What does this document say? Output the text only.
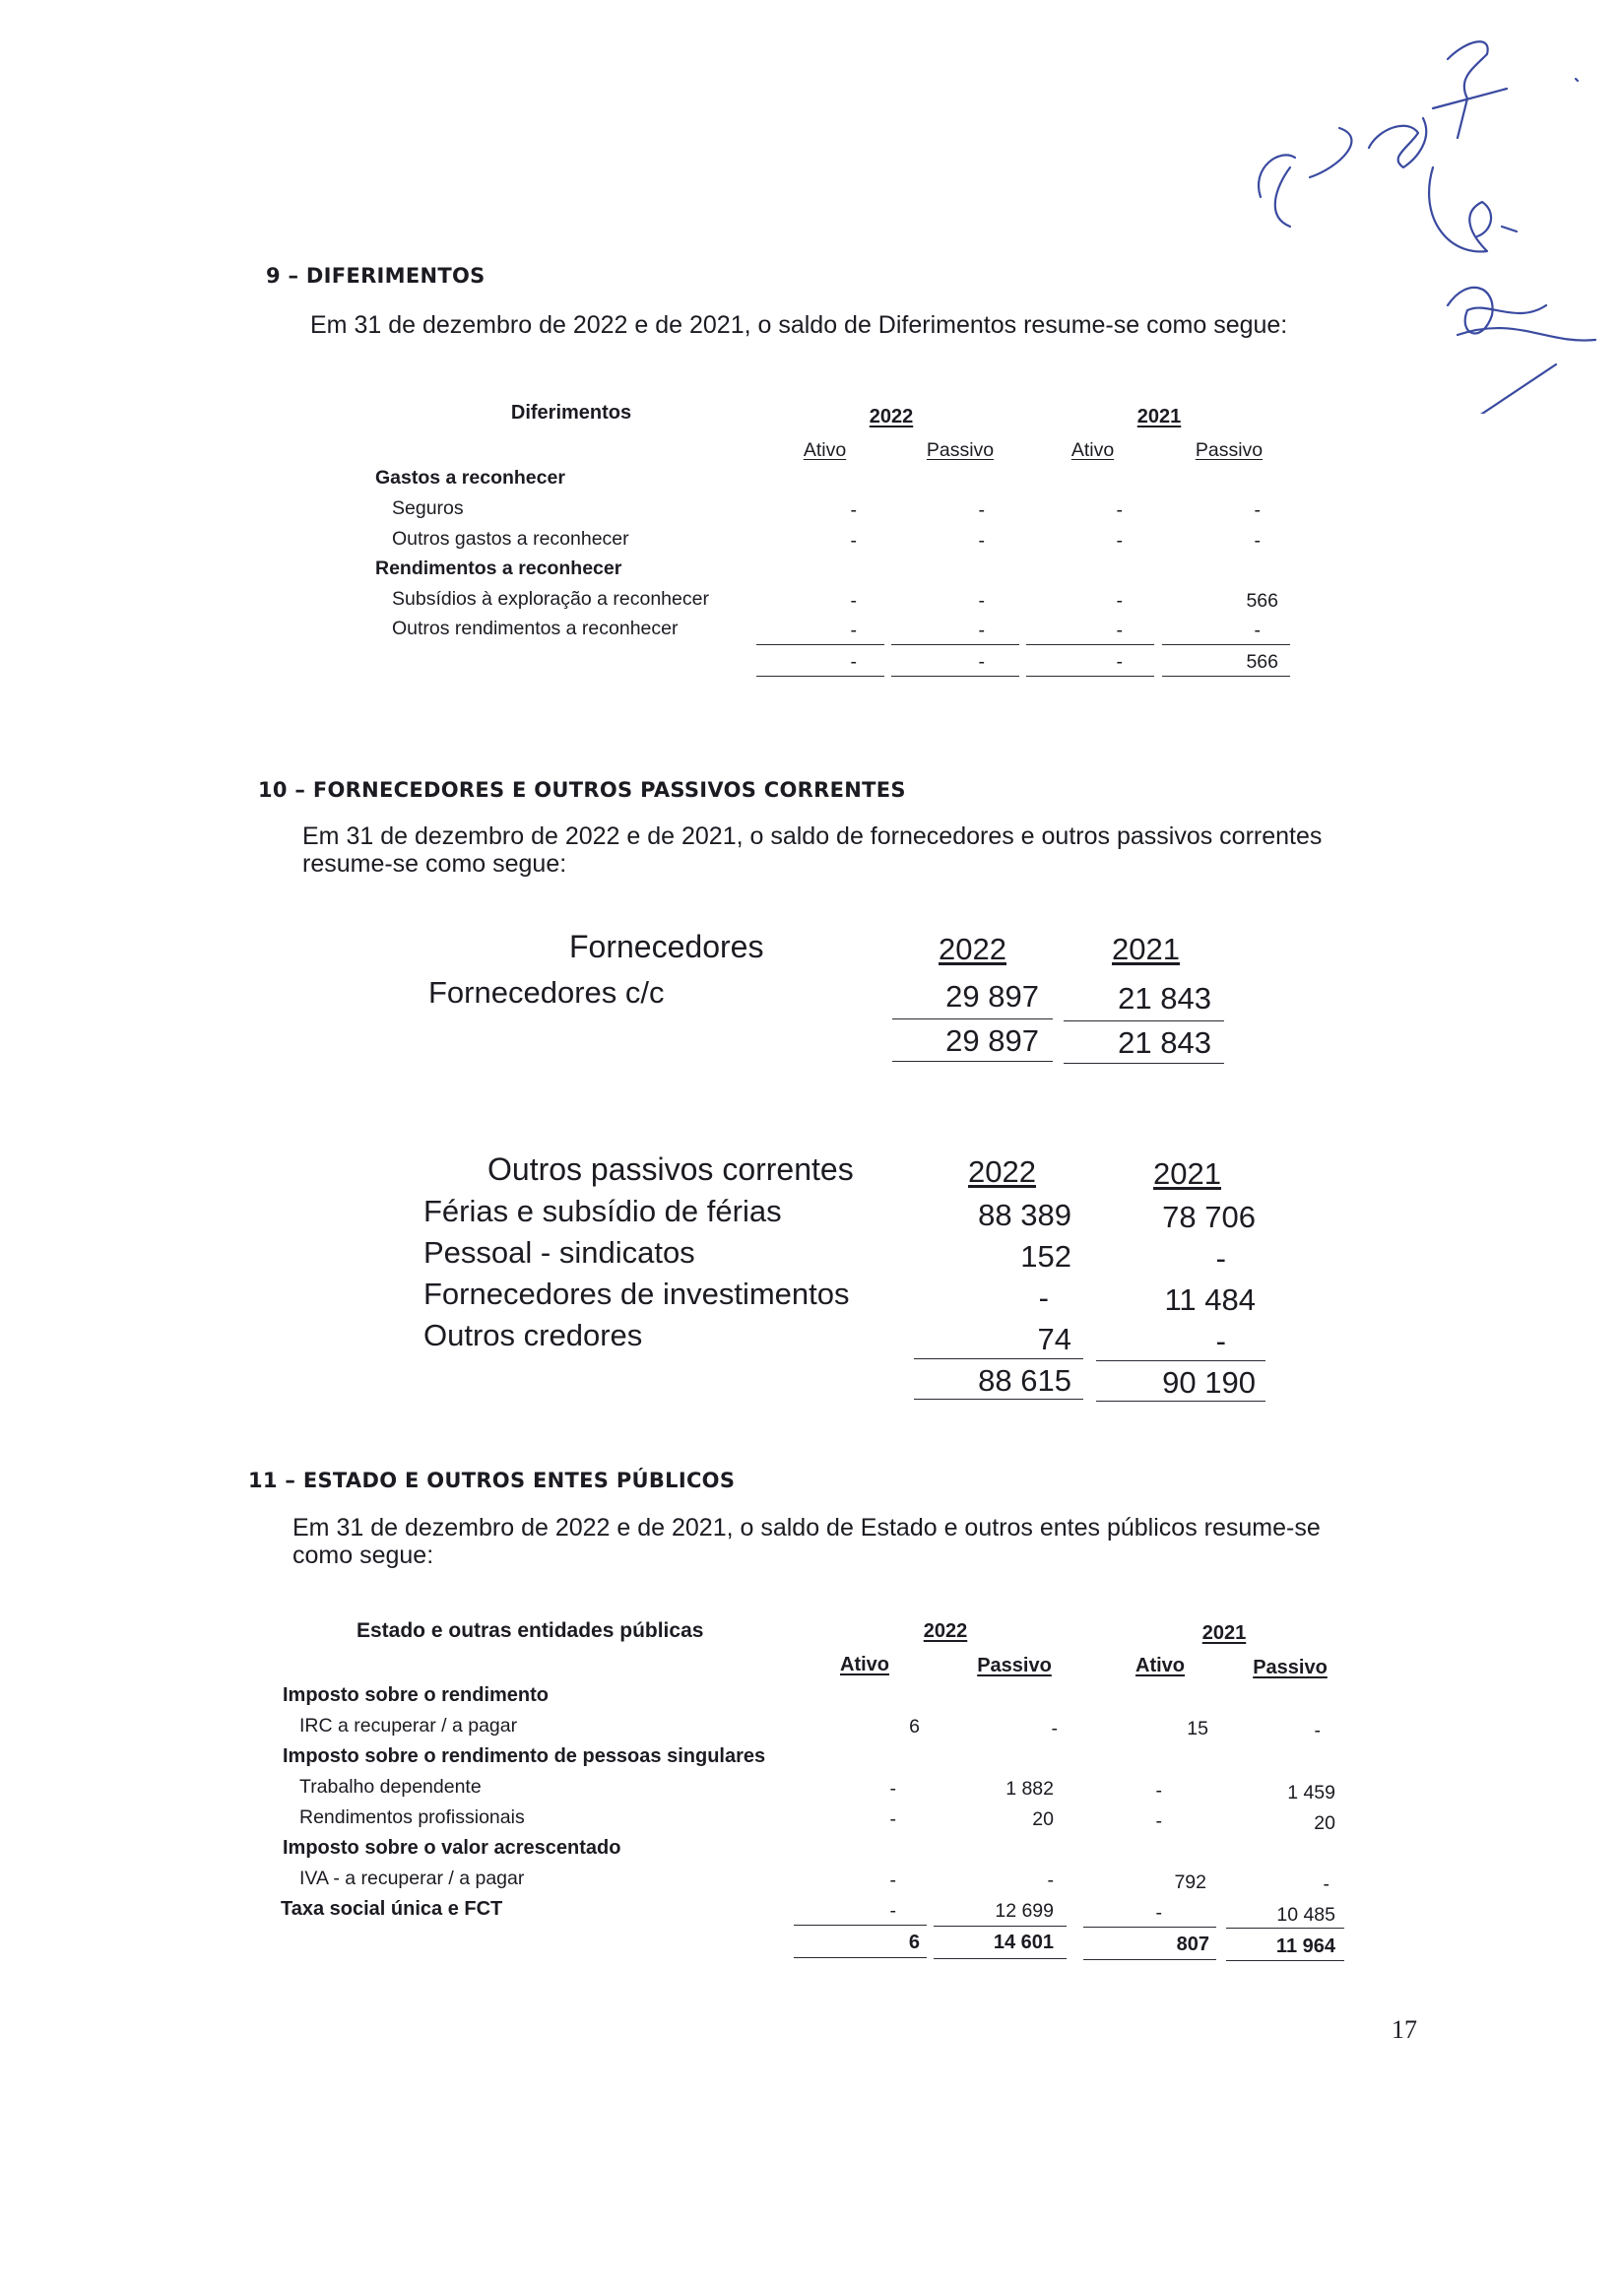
9 – DIFERIMENTOS
Em 31 de dezembro de 2022 e de 2021, o saldo de Diferimentos resume-se como segue:
Diferimentos	2022	2021
Ativo	Passivo	Ativo	Passivo
Gastos a reconhecer
Seguros	-	-	-	-
Outros gastos a reconhecer	-	-	-	-
Rendimentos a reconhecer
Subsídios à exploração a reconhecer	-	-	-	566
Outros rendimentos a reconhecer	-	-	-	-
-	-	-	566
10 – FORNECEDORES E OUTROS PASSIVOS CORRENTES
Em 31 de dezembro de 2022 e de 2021, o saldo de fornecedores e outros passivos correntes
resume-se como segue:
Fornecedores	2022	2021
Fornecedores c/c	29 897	21 843
29 897	21 843
Outros passivos correntes	2022	2021
Férias e subsídio de férias	88 389	78 706
Pessoal - sindicatos	152	-
Fornecedores de investimentos	-	11 484
Outros credores	74	-
88 615	90 190
11 – ESTADO E OUTROS ENTES PÚBLICOS
Em 31 de dezembro de 2022 e de 2021, o saldo de Estado e outros entes públicos resume-se
como segue:
Estado e outras entidades públicas	2022	2021
Ativo	Passivo	Ativo	Passivo
Imposto sobre o rendimento
IRC a recuperar / a pagar	6	-	15	-
Imposto sobre o rendimento de pessoas singulares
Trabalho dependente	-	1 882	-	1 459
Rendimentos profissionais	-	20	-	20
Imposto sobre o valor acrescentado
IVA - a recuperar / a pagar	-	-	792	-
Taxa social única e FCT	-	12 699	-	10 485
6	14 601	807	11 964
17
